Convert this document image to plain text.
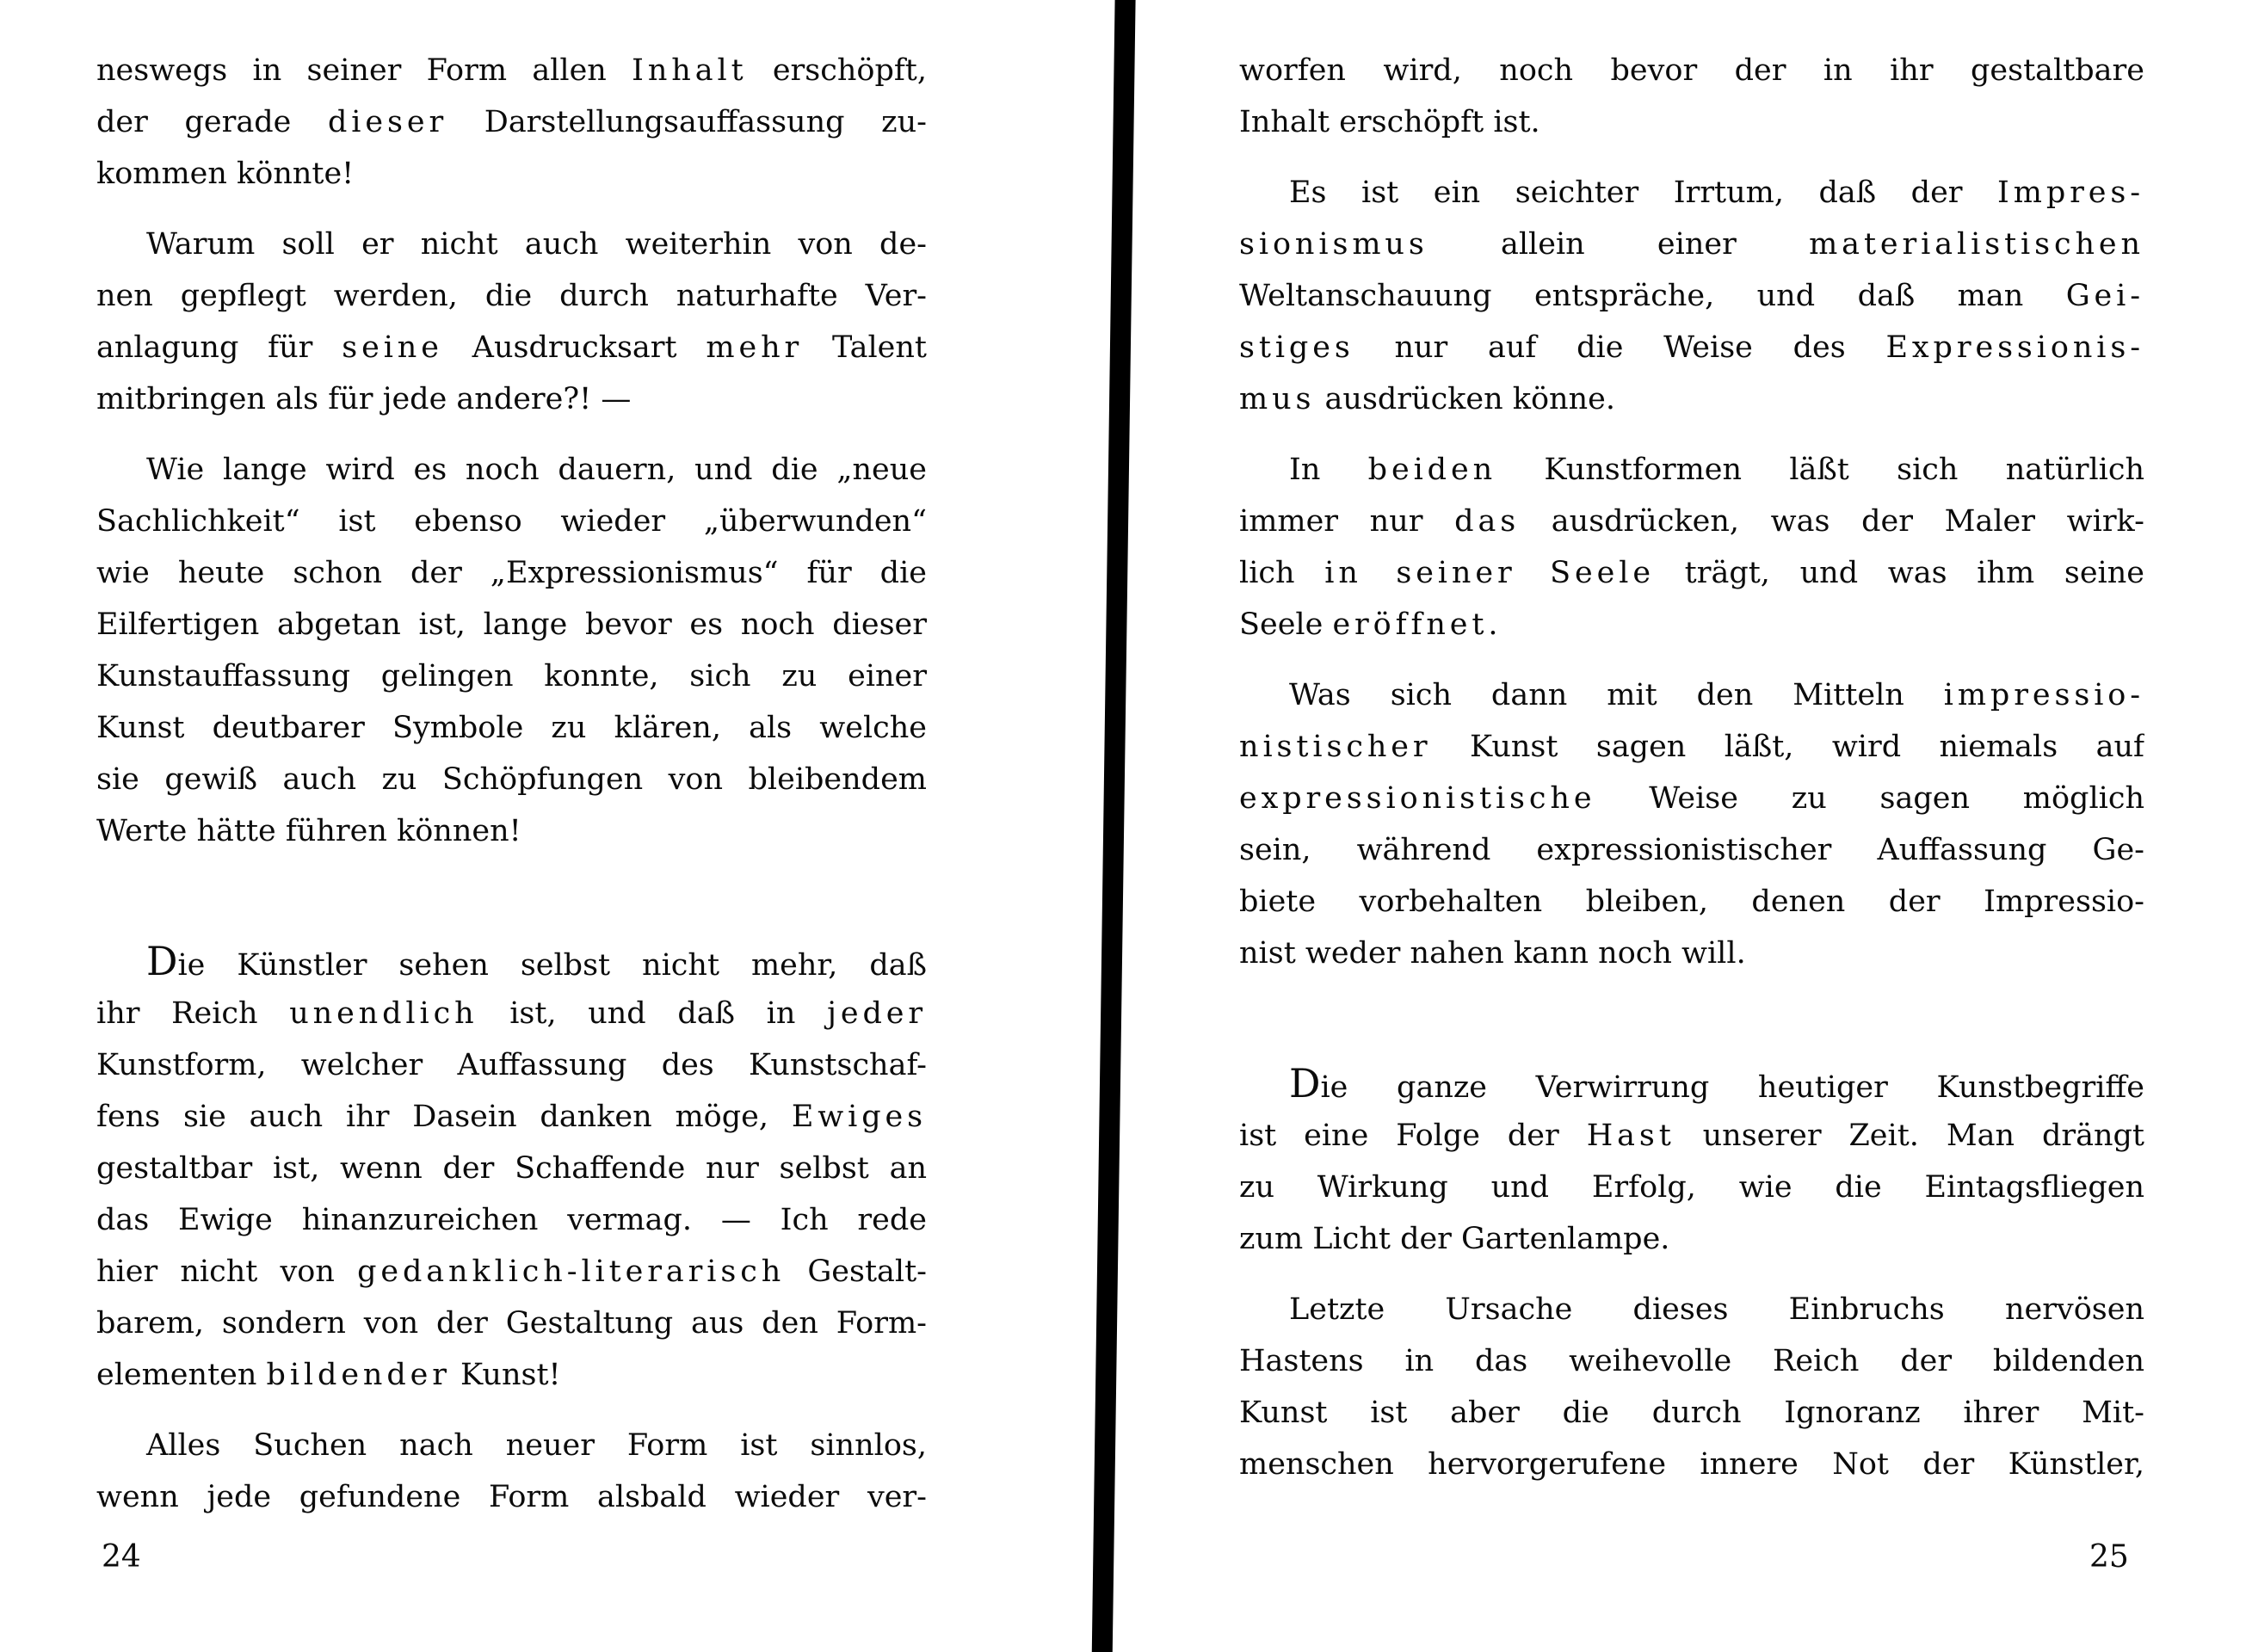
neswegs in seiner Form allen Inhalt erschöpft,
der gerade dieser Darstellungsauffassung zu-
kommen könnte!
Warum soll er nicht auch weiterhin von de-
nen gepflegt werden, die durch naturhafte Ver-
anlagung für seine Ausdrucksart mehr Talent
mitbringen als für jede andere?! —
Wie lange wird es noch dauern, und die „neue
Sachlichkeit“ ist ebenso wieder „überwunden“
wie heute schon der „Expressionismus“ für die
Eilfertigen abgetan ist, lange bevor es noch dieser
Kunstauffassung gelingen konnte, sich zu einer
Kunst deutbarer Symbole zu klären, als welche
sie gewiß auch zu Schöpfungen von bleibendem
Werte hätte führen können!
Die Künstler sehen selbst nicht mehr, daß
ihr Reich unendlich ist, und daß in jeder
Kunstform, welcher Auffassung des Kunstschaf-
fens sie auch ihr Dasein danken möge, Ewiges
gestaltbar ist, wenn der Schaffende nur selbst an
das Ewige hinanzureichen vermag. — Ich rede
hier nicht von gedanklich-literarisch Gestalt-
barem, sondern von der Gestaltung aus den Form-
elementen bildender Kunst!
Alles Suchen nach neuer Form ist sinnlos,
wenn jede gefundene Form alsbald wieder ver-
worfen wird, noch bevor der in ihr gestaltbare
Inhalt erschöpft ist.
Es ist ein seichter Irrtum, daß der Impres-
sionismus allein einer materialistischen
Weltanschauung entspräche, und daß man Gei-
stiges nur auf die Weise des Expressionis-
mus ausdrücken könne.
In beiden Kunstformen läßt sich natürlich
immer nur das ausdrücken, was der Maler wirk-
lich in seiner Seele trägt, und was ihm seine
Seele eröffnet.
Was sich dann mit den Mitteln impressio-
nistischer Kunst sagen läßt, wird niemals auf
expressionistische Weise zu sagen möglich
sein, während expressionistischer Auffassung Ge-
biete vorbehalten bleiben, denen der Impressio-
nist weder nahen kann noch will.
Die ganze Verwirrung heutiger Kunstbegriffe
ist eine Folge der Hast unserer Zeit. Man drängt
zu Wirkung und Erfolg, wie die Eintagsfliegen
zum Licht der Gartenlampe.
Letzte Ursache dieses Einbruchs nervösen
Hastens in das weihevolle Reich der bildenden
Kunst ist aber die durch Ignoranz ihrer Mit-
menschen hervorgerufene innere Not der Künstler,
24	25
